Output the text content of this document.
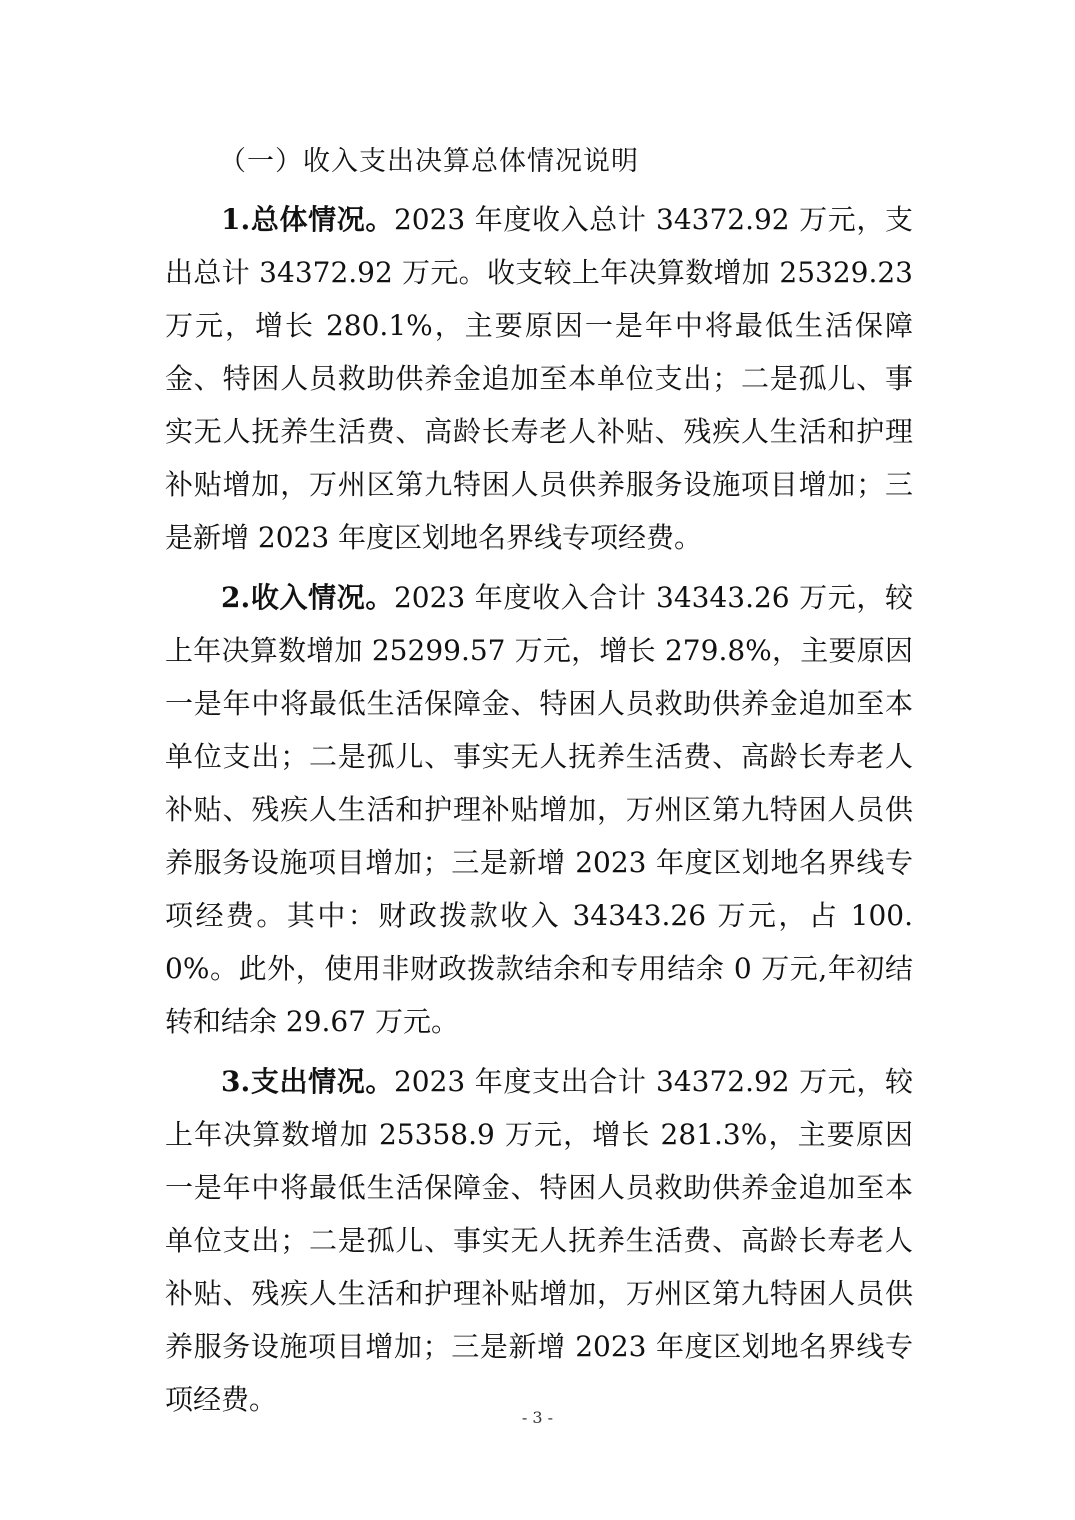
（一）收入支出决算总体情况说明

1.总体情况。2023 年度收入总计 34372.92 万元，支出总计 34372.92 万元。收支较上年决算数增加 25329.23 万元，增长 280.1%，主要原因一是年中将最低生活保障金、特困人员救助供养金追加至本单位支出；二是孤儿、事实无人抚养生活费、高龄长寿老人补贴、残疾人生活和护理补贴增加，万州区第九特困人员供养服务设施项目增加；三是新增 2023 年度区划地名界线专项经费。

2.收入情况。2023 年度收入合计 34343.26 万元，较上年决算数增加 25299.57 万元，增长 279.8%，主要原因一是年中将最低生活保障金、特困人员救助供养金追加至本单位支出；二是孤儿、事实无人抚养生活费、高龄长寿老人补贴、残疾人生活和护理补贴增加，万州区第九特困人员供养服务设施项目增加；三是新增 2023 年度区划地名界线专项经费。其中：财政拨款收入 34343.26 万元，占 100.0%。此外，使用非财政拨款结余和专用结余 0 万元,年初结转和结余 29.67 万元。

3.支出情况。2023 年度支出合计 34372.92 万元，较上年决算数增加 25358.9 万元，增长 281.3%，主要原因一是年中将最低生活保障金、特困人员救助供养金追加至本单位支出；二是孤儿、事实无人抚养生活费、高龄长寿老人补贴、残疾人生活和护理补贴增加，万州区第九特困人员供养服务设施项目增加；三是新增 2023 年度区划地名界线专项经费。

- 3 -
